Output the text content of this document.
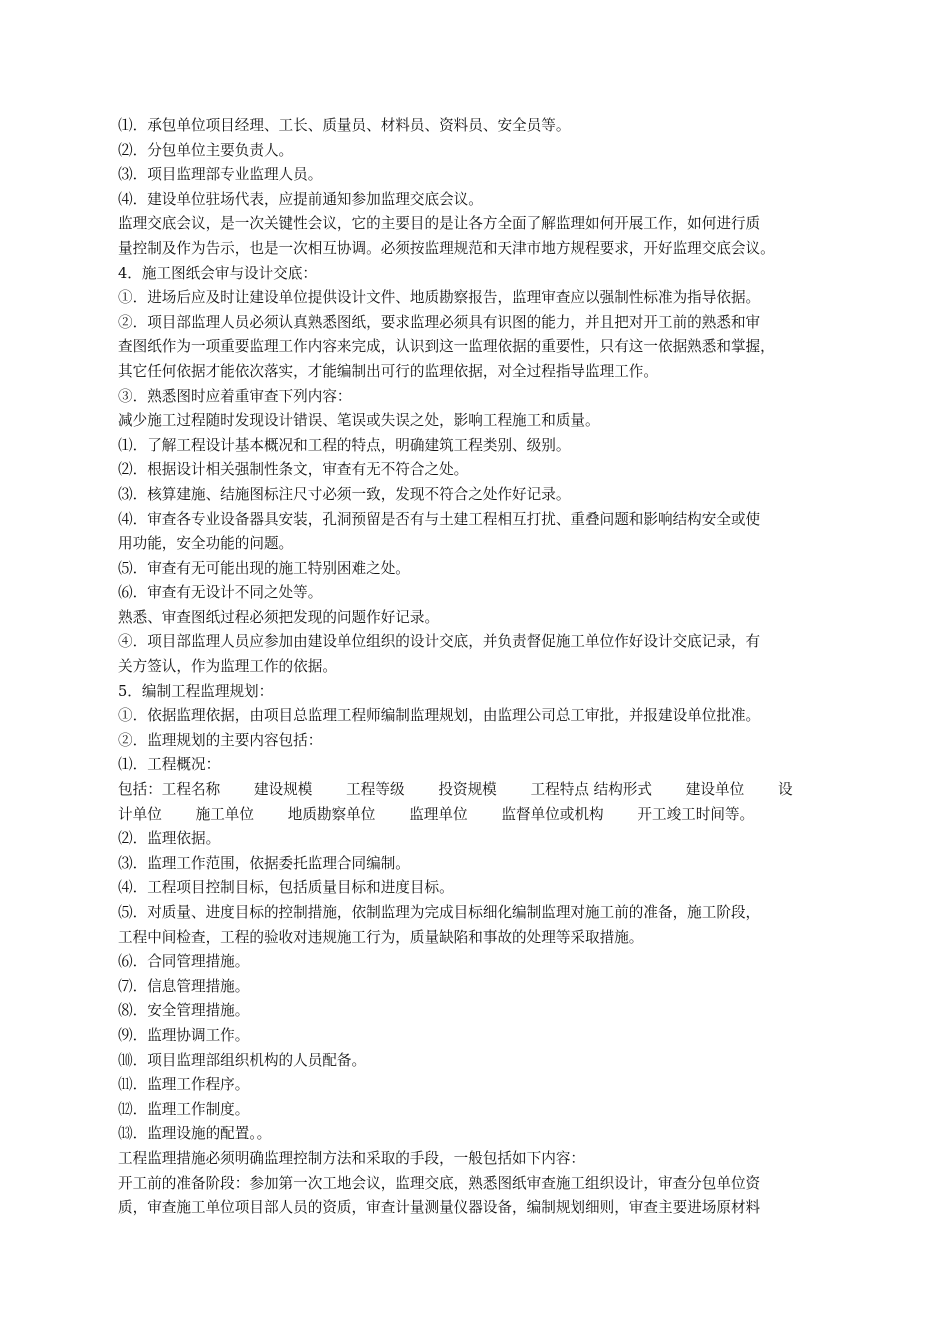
⑴．承包单位项目经理、工长、质量员、材料员、资料员、安全员等。
⑵．分包单位主要负责人。
⑶．项目监理部专业监理人员。
⑷．建设单位驻场代表，应提前通知参加监理交底会议。
监理交底会议，是一次关键性会议，它的主要目的是让各方全面了解监理如何开展工作，如何进行质
量控制及作为告示，也是一次相互协调。必须按监理规范和天津市地方规程要求，开好监理交底会议。
4．施工图纸会审与设计交底：
①．进场后应及时让建设单位提供设计文件、地质勘察报告，监理审查应以强制性标准为指导依据。
②．项目部监理人员必须认真熟悉图纸，要求监理必须具有识图的能力，并且把对开工前的熟悉和审
查图纸作为一项重要监理工作内容来完成，认识到这一监理依据的重要性，只有这一依据熟悉和掌握，
其它任何依据才能依次落实，才能编制出可行的监理依据，对全过程指导监理工作。
③．熟悉图时应着重审查下列内容：
减少施工过程随时发现设计错误、笔误或失误之处，影响工程施工和质量。
⑴．了解工程设计基本概况和工程的特点，明确建筑工程类别、级别。
⑵．根据设计相关强制性条文，审查有无不符合之处。
⑶．核算建施、结施图标注尺寸必须一致，发现不符合之处作好记录。
⑷．审查各专业设备器具安装，孔洞预留是否有与土建工程相互打扰、重叠问题和影响结构安全或使
用功能，安全功能的问题。
⑸．审查有无可能出现的施工特别困难之处。
⑹．审查有无设计不同之处等。
熟悉、审查图纸过程必须把发现的问题作好记录。
④．项目部监理人员应参加由建设单位组织的设计交底，并负责督促施工单位作好设计交底记录，有
关方签认，作为监理工作的依据。
5．编制工程监理规划：
①．依据监理依据，由项目总监理工程师编制监理规划，由监理公司总工审批，并报建设单位批准。
②．监理规划的主要内容包括：
⑴．工程概况：
包括：工程名称　　 建设规模　　 工程等级　　 投资规模　　 工程特点 结构形式　　 建设单位　　 设
计单位　　 施工单位　　 地质勘察单位　　 监理单位　　 监督单位或机构　　 开工竣工时间等。
⑵．监理依据。
⑶．监理工作范围，依据委托监理合同编制。
⑷．工程项目控制目标，包括质量目标和进度目标。
⑸．对质量、进度目标的控制措施，依制监理为完成目标细化编制监理对施工前的准备，施工阶段，
工程中间检查，工程的验收对违规施工行为，质量缺陷和事故的处理等采取措施。
⑹．合同管理措施。
⑺．信息管理措施。
⑻．安全管理措施。
⑼．监理协调工作。
⑽．项目监理部组织机构的人员配备。
⑾．监理工作程序。
⑿．监理工作制度。
⒀．监理设施的配置。。
工程监理措施必须明确监理控制方法和采取的手段，一般包括如下内容：
开工前的准备阶段：参加第一次工地会议，监理交底，熟悉图纸审查施工组织设计，审查分包单位资
质，审查施工单位项目部人员的资质，审查计量测量仪器设备，编制规划细则，审查主要进场原材料
